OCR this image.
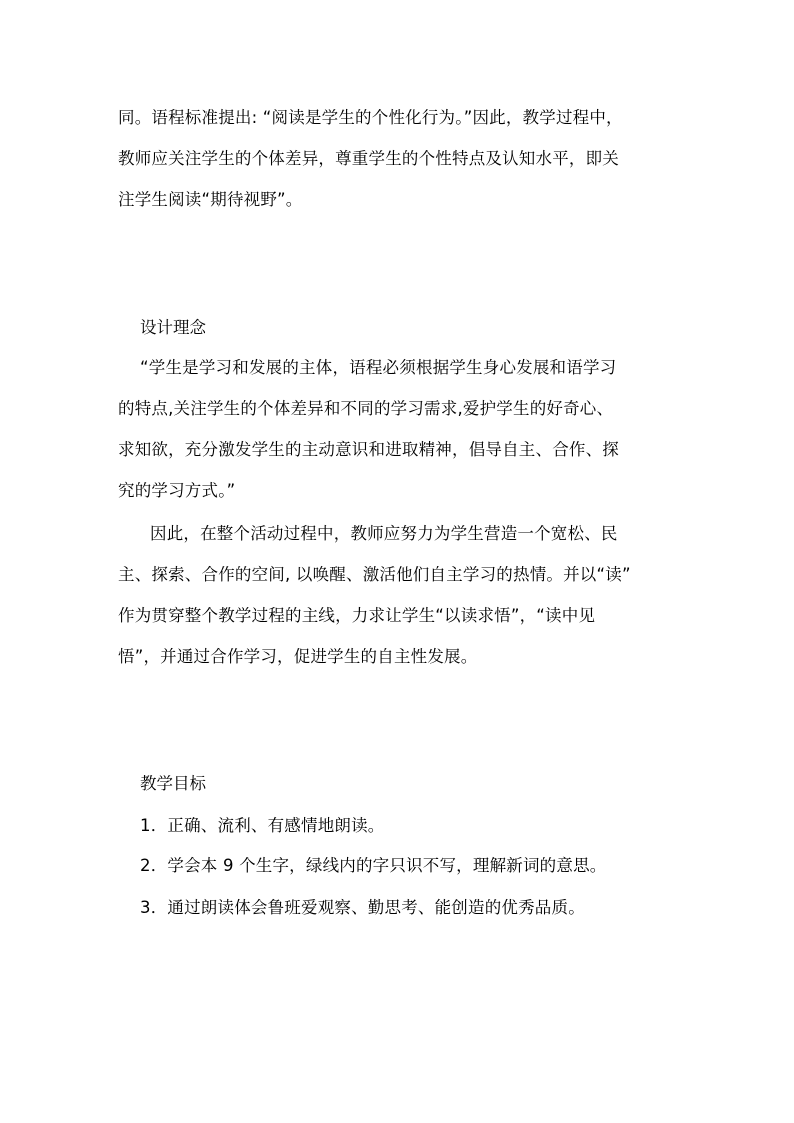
同。语程标准提出: “阅读是学生的个性化行为。”因此，教学过程中，
教师应关注学生的个体差异，尊重学生的个性特点及认知水平，即关
注学生阅读“期待视野”。
设计理念
“学生是学习和发展的主体，语程必须根据学生身心发展和语学习
的特点,关注学生的个体差异和不同的学习需求,爱护学生的好奇心、
求知欲，充分激发学生的主动意识和进取精神，倡导自主、合作、探
究的学习方式。”
因此，在整个活动过程中，教师应努力为学生营造一个宽松、民
主、探索、合作的空间, 以唤醒、激活他们自主学习的热情。并以“读”
作为贯穿整个教学过程的主线，力求让学生“以读求悟”，“读中见
悟”，并通过合作学习，促进学生的自主性发展。
教学目标
1．正确、流利、有感情地朗读。
2．学会本 9 个生字，绿线内的字只识不写，理解新词的意思。
3．通过朗读体会鲁班爱观察、勤思考、能创造的优秀品质。
